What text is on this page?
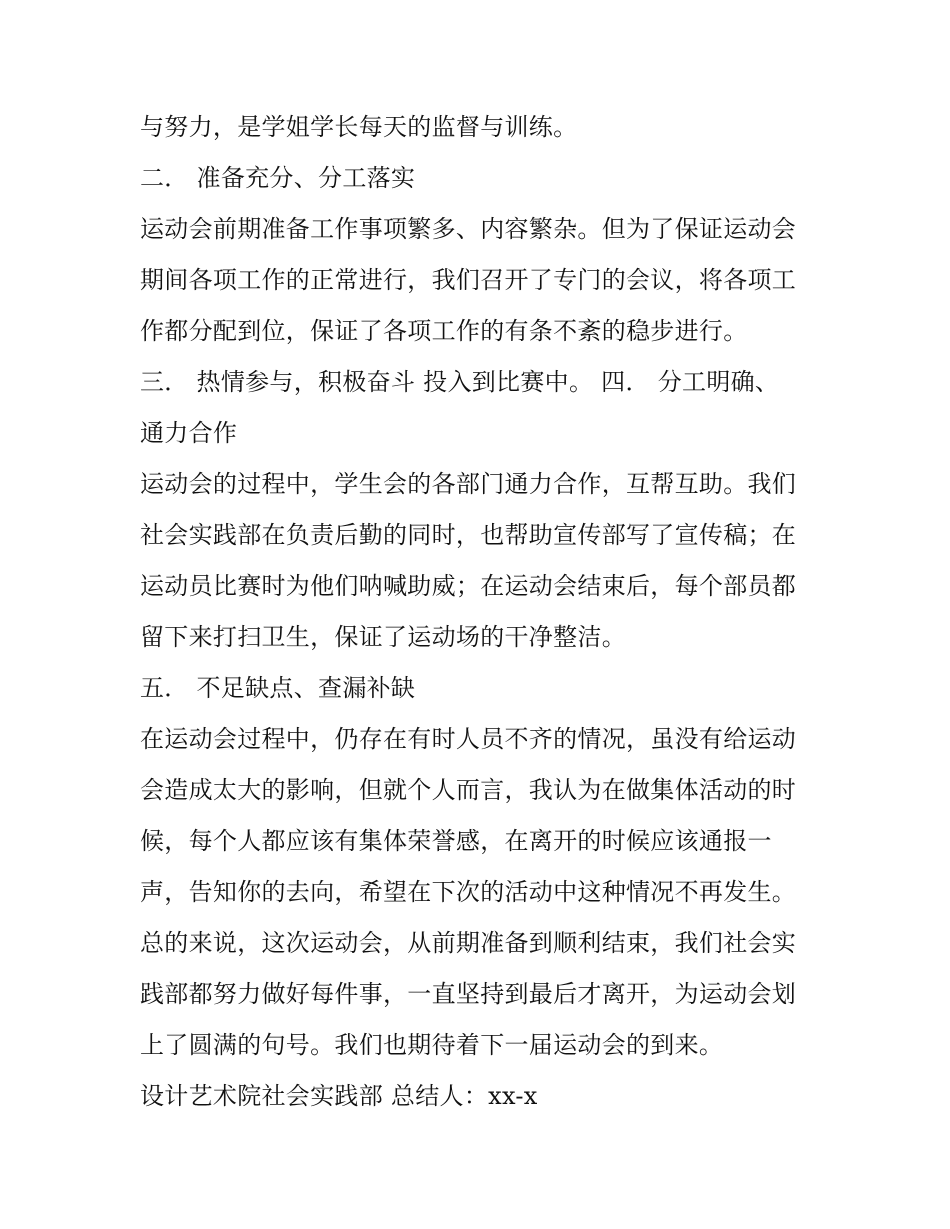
与努力，是学姐学长每天的监督与训练。
二． 准备充分、分工落实
运动会前期准备工作事项繁多、内容繁杂。但为了保证运动会
期间各项工作的正常进行，我们召开了专门的会议，将各项工
作都分配到位，保证了各项工作的有条不紊的稳步进行。
三． 热情参与，积极奋斗 投入到比赛中。 四． 分工明确、
通力合作
运动会的过程中，学生会的各部门通力合作，互帮互助。我们
社会实践部在负责后勤的同时，也帮助宣传部写了宣传稿；在
运动员比赛时为他们呐喊助威；在运动会结束后，每个部员都
留下来打扫卫生，保证了运动场的干净整洁。
五． 不足缺点、查漏补缺
在运动会过程中，仍存在有时人员不齐的情况，虽没有给运动
会造成太大的影响，但就个人而言，我认为在做集体活动的时
候，每个人都应该有集体荣誉感，在离开的时候应该通报一
声，告知你的去向，希望在下次的活动中这种情况不再发生。
总的来说，这次运动会，从前期准备到顺利结束，我们社会实
践部都努力做好每件事，一直坚持到最后才离开，为运动会划
上了圆满的句号。我们也期待着下一届运动会的到来。
设计艺术院社会实践部 总结人：xx-x
